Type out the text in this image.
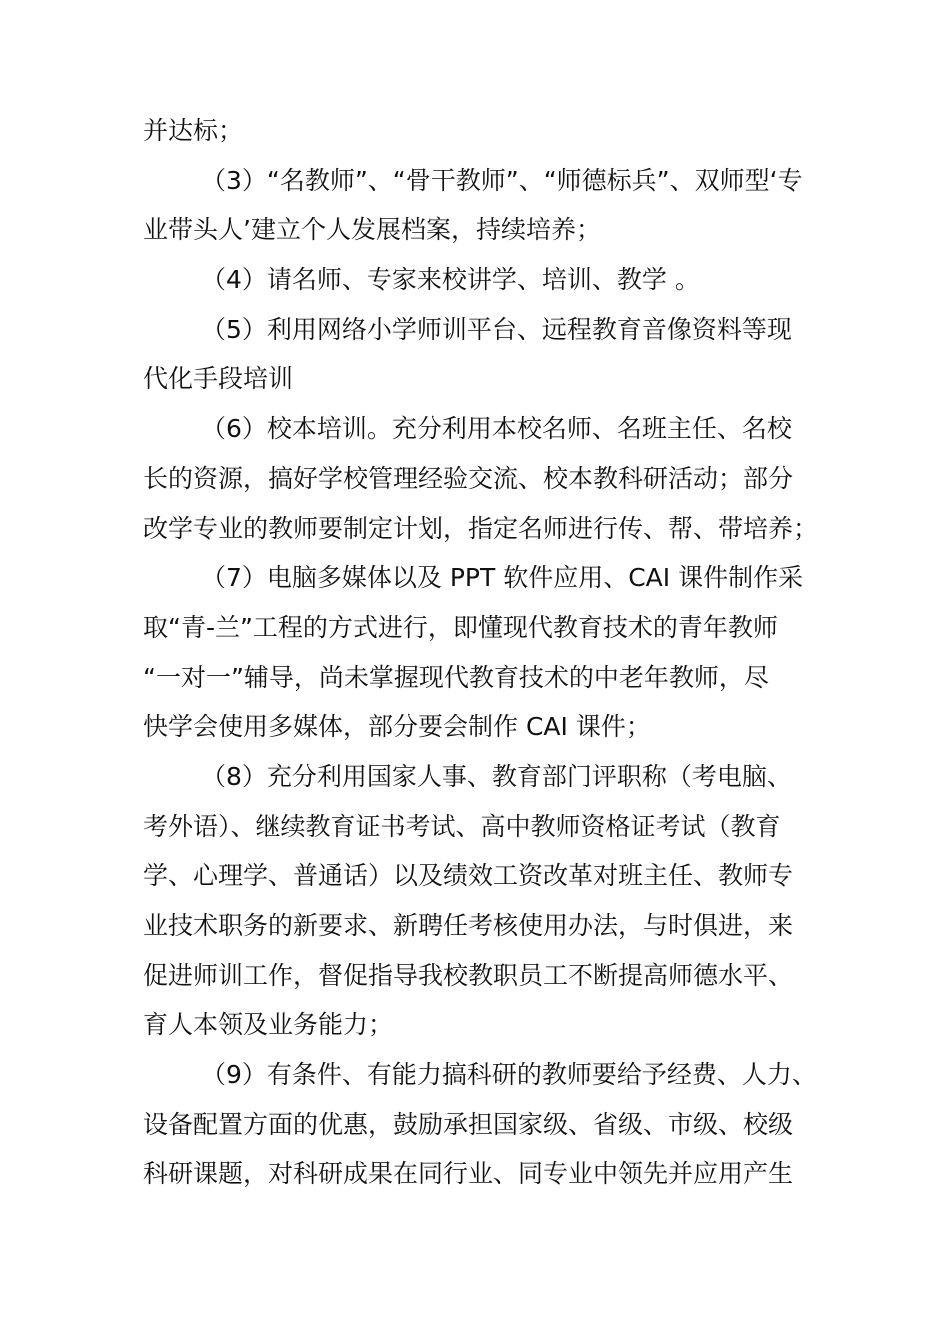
并达标；
（3）“名教师”、“骨干教师”、“师德标兵”、双师型‘专
业带头人’建立个人发展档案，持续培养；
（4）请名师、专家来校讲学、培训、教学 。
（5）利用网络小学师训平台、远程教育音像资料等现
代化手段培训
（6）校本培训。充分利用本校名师、名班主任、名校
长的资源，搞好学校管理经验交流、校本教科研活动；部分
改学专业的教师要制定计划，指定名师进行传、帮、带培养；
（7）电脑多媒体以及 PPT 软件应用、CAI 课件制作采
取“青-兰”工程的方式进行，即懂现代教育技术的青年教师
“一对一”辅导，尚未掌握现代教育技术的中老年教师，尽
快学会使用多媒体，部分要会制作 CAI 课件；
（8）充分利用国家人事、教育部门评职称（考电脑、
考外语）、继续教育证书考试、高中教师资格证考试（教育
学、心理学、普通话）以及绩效工资改革对班主任、教师专
业技术职务的新要求、新聘任考核使用办法，与时俱进，来
促进师训工作，督促指导我校教职员工不断提高师德水平、
育人本领及业务能力；
（9）有条件、有能力搞科研的教师要给予经费、人力、
设备配置方面的优惠，鼓励承担国家级、省级、市级、校级
科研课题，对科研成果在同行业、同专业中领先并应用产生
